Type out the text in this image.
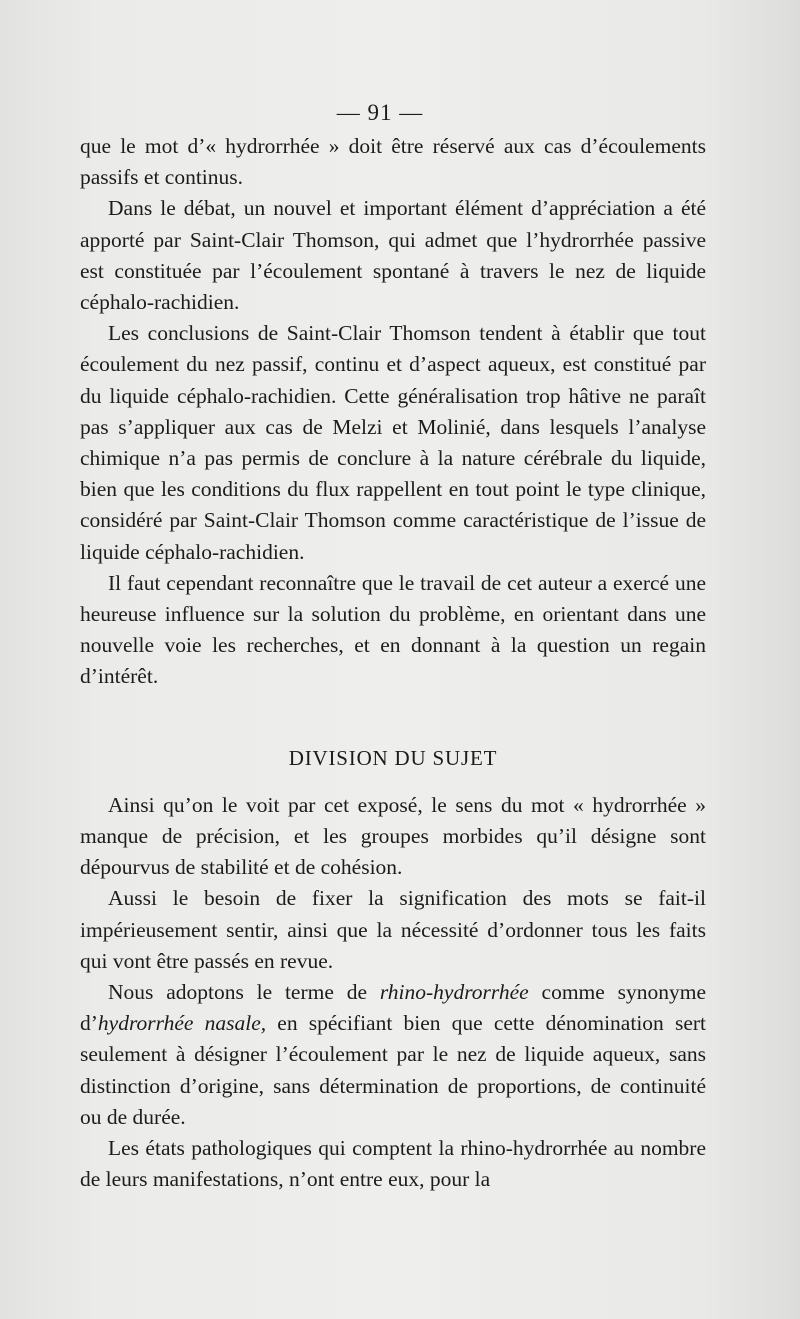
— 91 —

que le mot d’« hydrorrhée » doit être réservé aux cas d’écoulements passifs et continus.

Dans le débat, un nouvel et important élément d’appréciation a été apporté par Saint-Clair Thomson, qui admet que l’hydrorrhée passive est constituée par l’écoulement spontané à travers le nez de liquide céphalo-rachidien.

Les conclusions de Saint-Clair Thomson tendent à établir que tout écoulement du nez passif, continu et d’aspect aqueux, est constitué par du liquide céphalo-rachidien. Cette généralisation trop hâtive ne paraît pas s’appliquer aux cas de Melzi et Molinié, dans lesquels l’analyse chimique n’a pas permis de conclure à la nature cérébrale du liquide, bien que les conditions du flux rappellent en tout point le type clinique, considéré par Saint-Clair Thomson comme caractéristique de l’issue de liquide céphalo-rachidien.

Il faut cependant reconnaître que le travail de cet auteur a exercé une heureuse influence sur la solution du problème, en orientant dans une nouvelle voie les recherches, et en donnant à la question un regain d’intérêt.

DIVISION DU SUJET

Ainsi qu’on le voit par cet exposé, le sens du mot « hydrorrhée » manque de précision, et les groupes morbides qu’il désigne sont dépourvus de stabilité et de cohésion.

Aussi le besoin de fixer la signification des mots se fait-il impérieusement sentir, ainsi que la nécessité d’ordonner tous les faits qui vont être passés en revue.

Nous adoptons le terme de rhino-hydrorrhée comme synonyme d’hydrorrhée nasale, en spécifiant bien que cette dénomination sert seulement à désigner l’écoulement par le nez de liquide aqueux, sans distinction d’origine, sans détermination de proportions, de continuité ou de durée.

Les états pathologiques qui comptent la rhino-hydrorrhée au nombre de leurs manifestations, n’ont entre eux, pour la
